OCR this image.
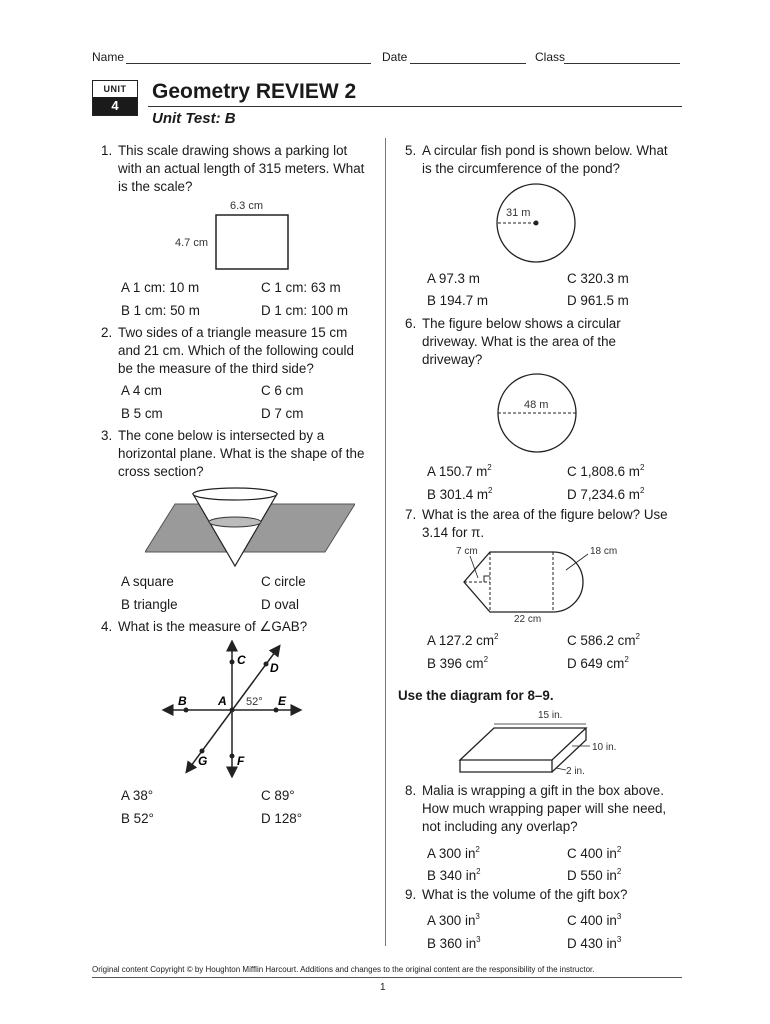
Name	Date	Class
UNIT
4
Geometry REVIEW 2
Unit Test: B
1. This scale drawing shows a parking lot
with an actual length of 315 meters. What
is the scale?
6.3 cm
4.7 cm
A 1 cm: 10 m	C 1 cm: 63 m
B 1 cm: 50 m	D 1 cm: 100 m
2. Two sides of a triangle measure 15 cm
and 21 cm. Which of the following could
be the measure of the third side?
A 4 cm	C 6 cm
B 5 cm	D 7 cm
3. The cone below is intersected by a
horizontal plane. What is the shape of the
cross section?
A square	C circle
B triangle	D oval
4. What is the measure of ∠GAB?
C
D
B	A 52° E
G F
A 38°	C 89°
B 52°	D 128°
5. A circular fish pond is shown below. What
is the circumference of the pond?
31 m
A 97.3 m	C 320.3 m
B 194.7 m	D 961.5 m
6. The figure below shows a circular
driveway. What is the area of the
driveway?
48 m
A 150.7 $m^2$	C 1,808.6 $m^2$
B 301.4 $m^2$	D 7,234.6 $m^2$
7. What is the area of the figure below? Use
3.14 for π.
7 cm	18 cm
22 cm
A 127.2 $cm^2$	C 586.2 $cm^2$
B 396 $cm^2$	D 649 $cm^2$
Use the diagram for 8–9.
15 in.
10 in.
2 in.
8. Malia is wrapping a gift in the box above.
How much wrapping paper will she need,
not including any overlap?
A 300 $in^2$	C 400 $in^2$
B 340 $in^2$	D 550 $in^2$
9. What is the volume of the gift box?
A 300 $in^3$	C 400 $in^3$
B 360 $in^3$	D 430 $in^3$
Original content Copyright © by Houghton Mifflin Harcourt. Additions and changes to the original content are the responsibility of the instructor.
1
